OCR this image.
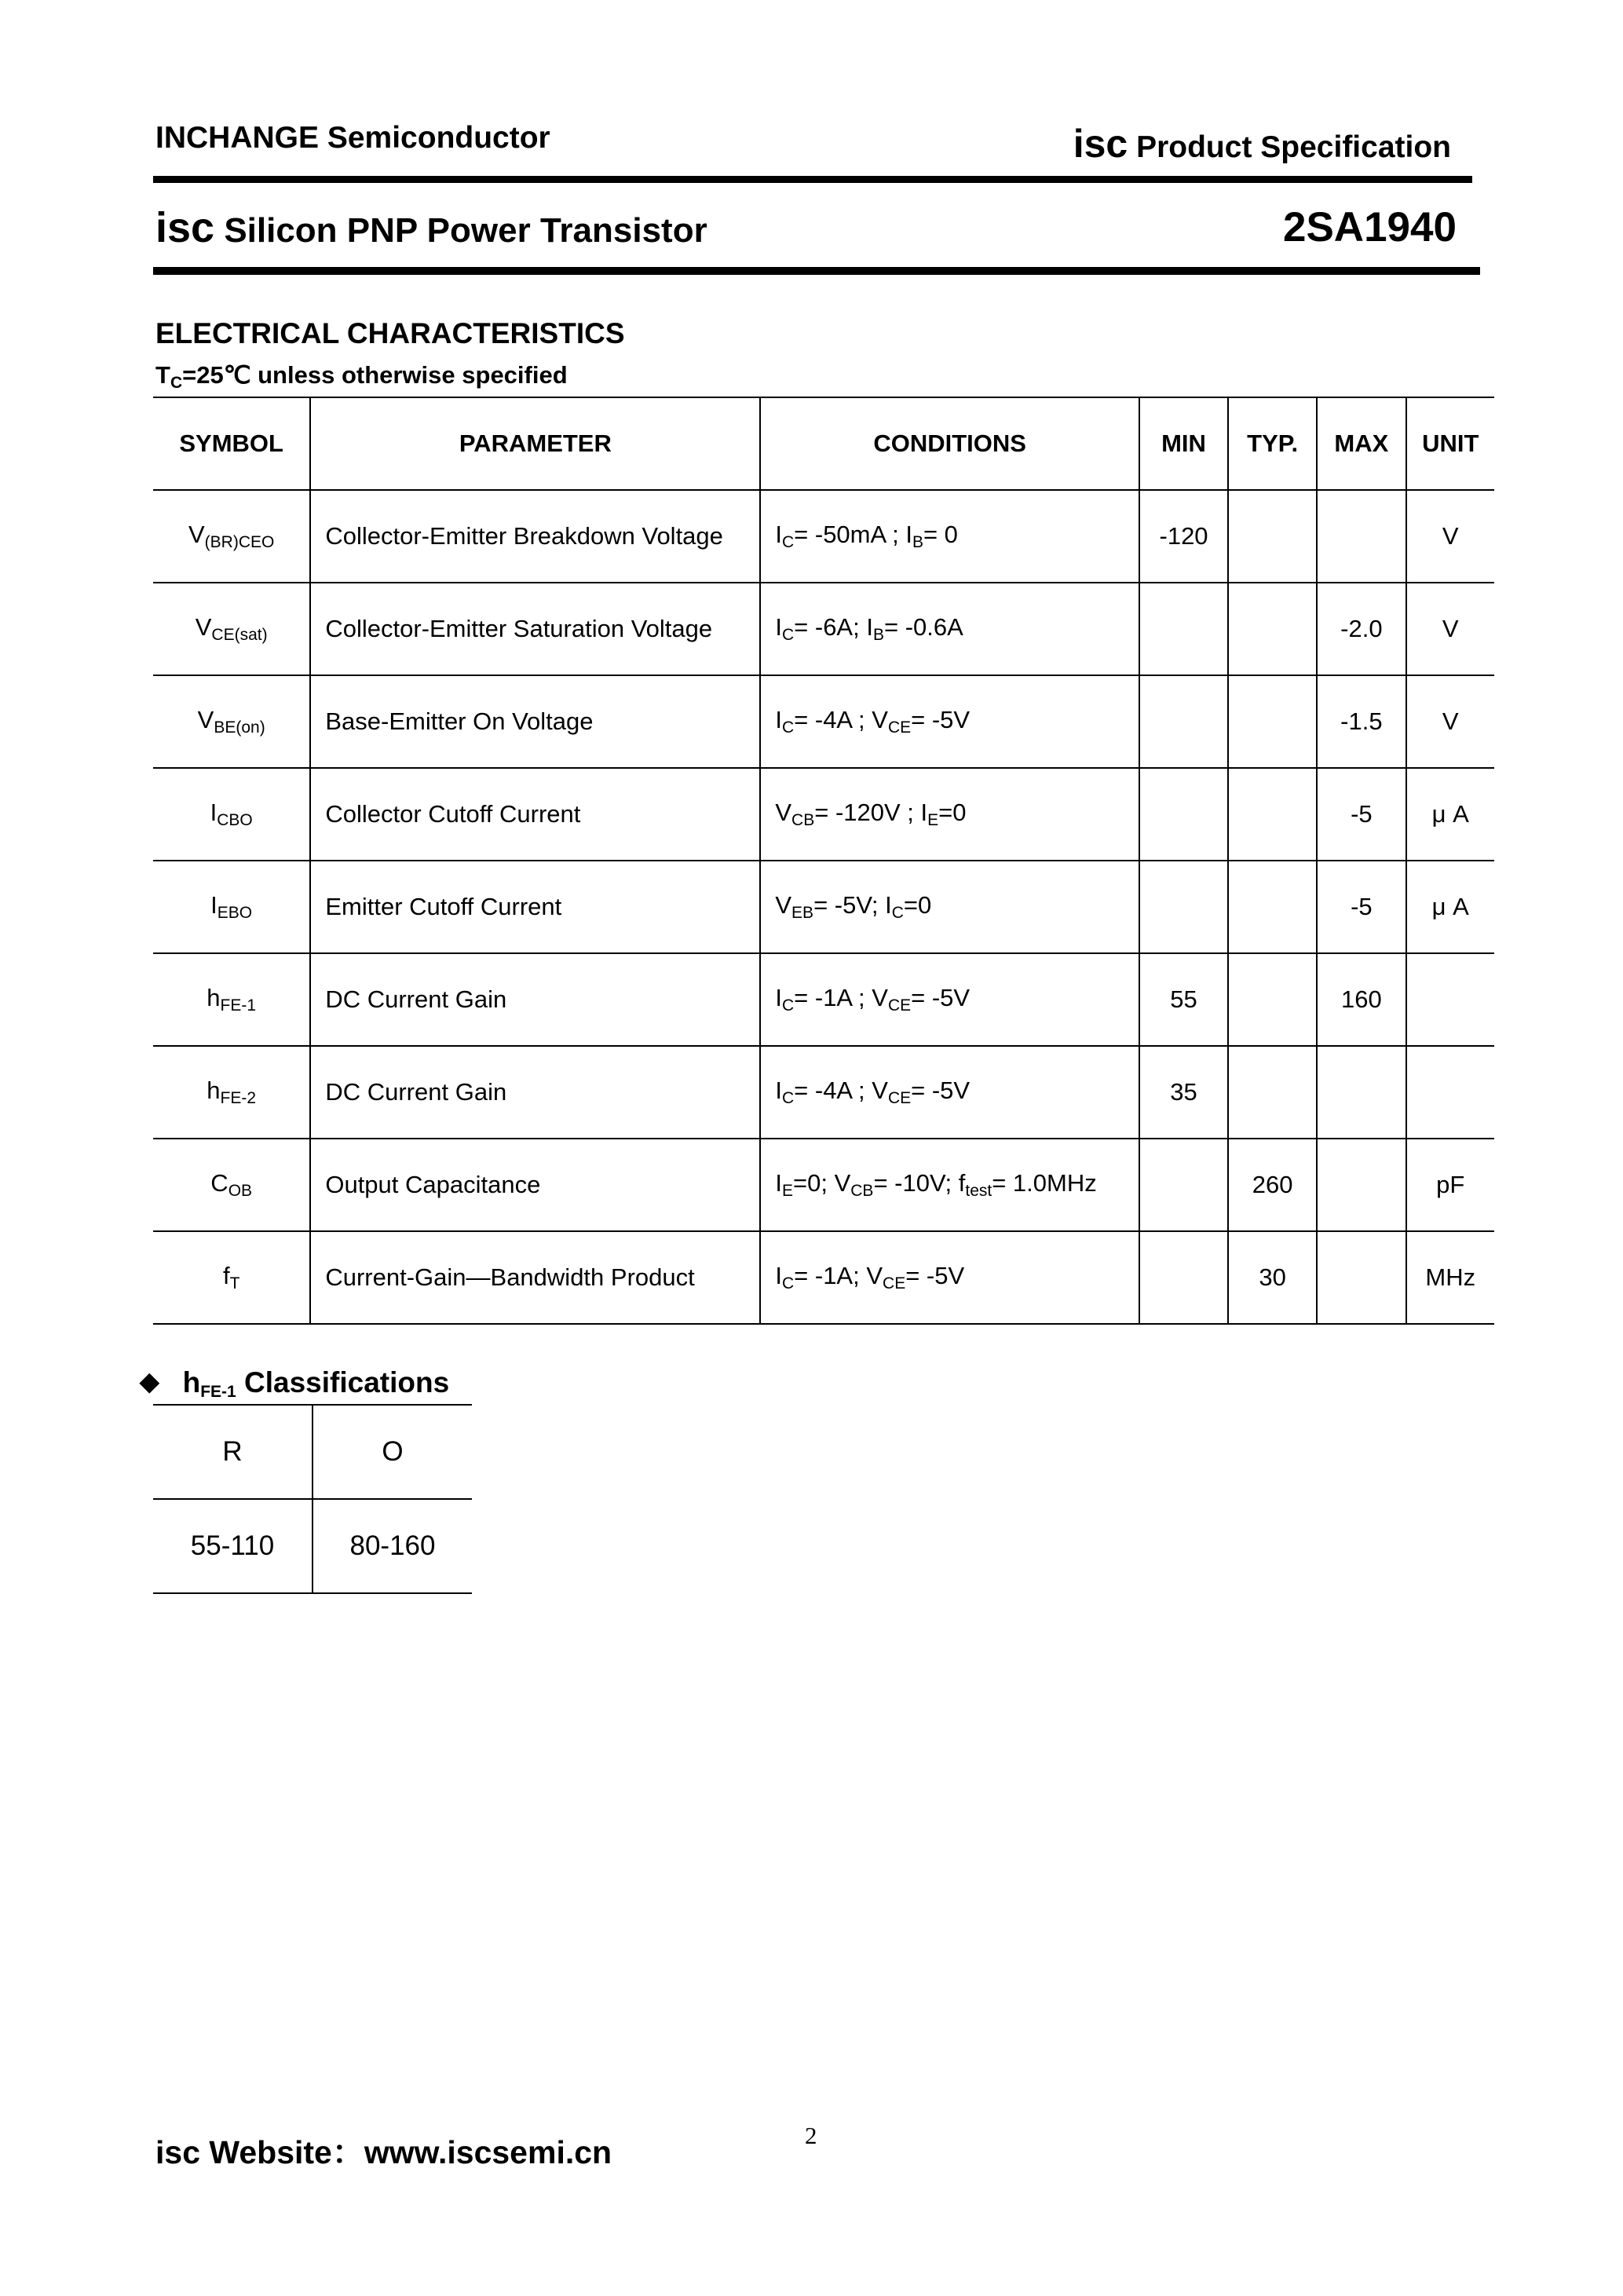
INCHANGE Semiconductor	isc Product Specification
isc Silicon PNP Power Transistor	2SA1940
ELECTRICAL CHARACTERISTICS
$T_C=25℃$ unless otherwise specified
SYMBOL	PARAMETER	CONDITIONS	MIN	TYP.	MAX	UNIT
$V_{(BR)CEO}$	Collector-Emitter Breakdown Voltage	$I_C= -50mA$ ; $I_B= 0$	-120			V
$V_{CE(sat)}$	Collector-Emitter Saturation Voltage	$I_C= -6A$; $I_B= -0.6A$			-2.0	V
$V_{BE(on)}$	Base-Emitter On Voltage	$I_C= -4A$ ; $V_{CE}= -5V$			-1.5	V
$I_{CBO}$	Collector Cutoff Current	$V_{CB}= -120V$ ; $I_E=0$			-5	μ A
$I_{EBO}$	Emitter Cutoff Current	$V_{EB}= -5V$; $I_C=0$			-5	μ A
$h_{FE-1}$	DC Current Gain	$I_C= -1A$ ; $V_{CE}= -5V$	55		160	
$h_{FE-2}$	DC Current Gain	$I_C= -4A$ ; $V_{CE}= -5V$	35			
$C_{OB}$	Output Capacitance	$I_E=0$; $V_{CB}= -10V$; $f_{test}= 1.0MHz$		260		pF
$f_T$	Current-Gain—Bandwidth Product	$I_C= -1A$; $V_{CE}= -5V$		30		MHz
◆ $h_{FE-1}$ Classifications
R	O
55-110	80-160
isc Website：www.iscsemi.cn	2
